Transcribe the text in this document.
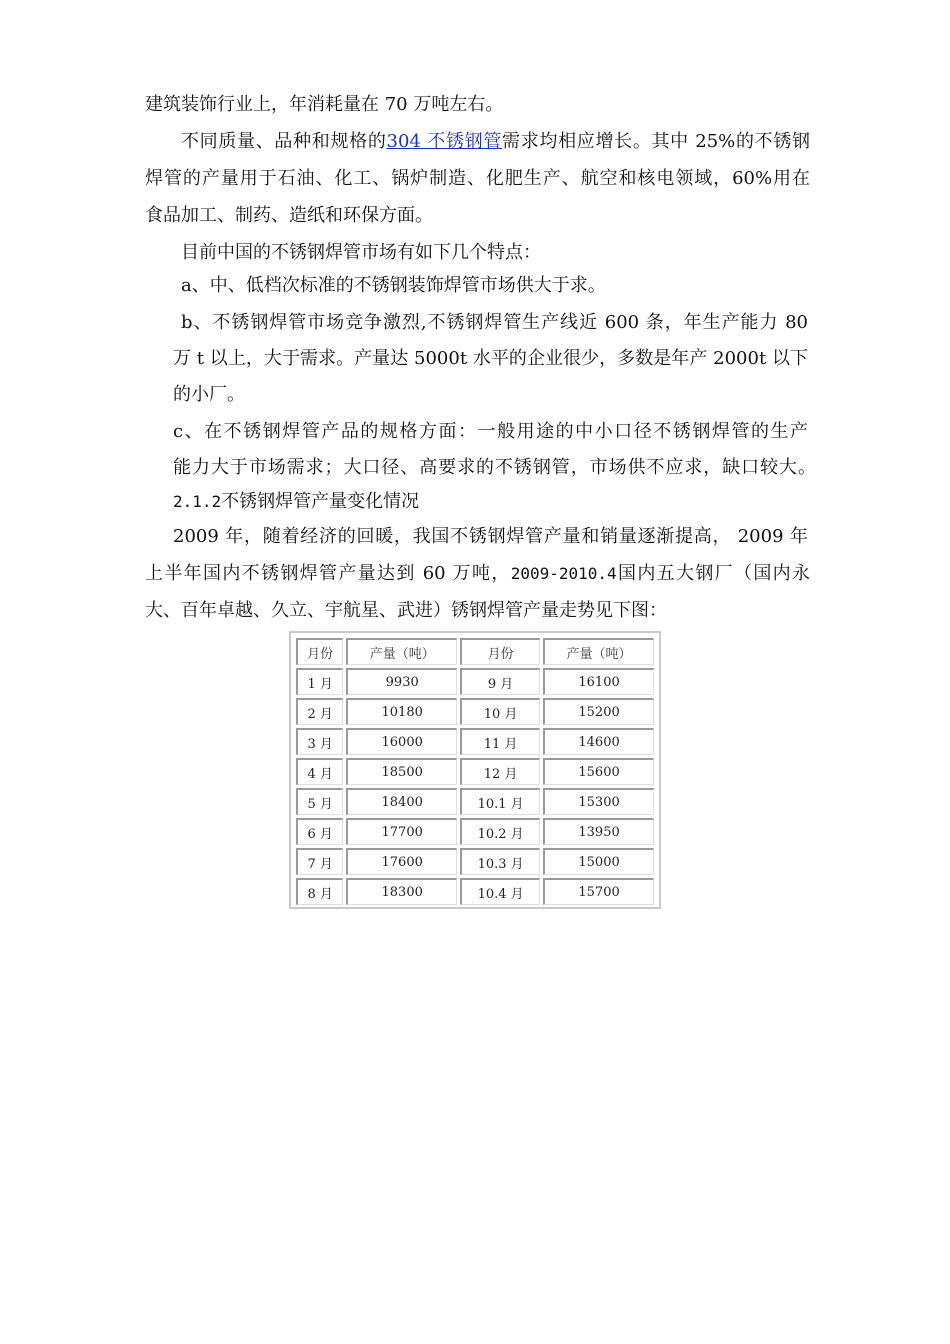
建筑装饰行业上，年消耗量在 70 万吨左右。
不同质量、品种和规格的304 不锈钢管需求均相应增长。其中 25%的不锈钢
焊管的产量用于石油、化工、锅炉制造、化肥生产、航空和核电领域，60%用在
食品加工、制药、造纸和环保方面。
目前中国的不锈钢焊管市场有如下几个特点：
a、中、低档次标准的不锈钢装饰焊管市场供大于求。
b、不锈钢焊管市场竞争激烈,不锈钢焊管生产线近 600 条，年生产能力 80
万 t 以上，大于需求。产量达 5000t 水平的企业很少，多数是年产 2000t 以下
的小厂。
c、在不锈钢焊管产品的规格方面：一般用途的中小口径不锈钢焊管的生产
能力大于市场需求；大口径、高要求的不锈钢管，市场供不应求，缺口较大。
2.1.2不锈钢焊管产量变化情况
2009 年，随着经济的回暖，我国不锈钢焊管产量和销量逐渐提高， 2009 年
上半年国内不锈钢焊管产量达到 60 万吨，2009-2010.4国内五大钢厂（国内永
大、百年卓越、久立、宇航星、武进）锈钢焊管产量走势见下图：
月份	产量（吨）	月份	产量（吨）
1 月	9930	9 月	16100
2 月	10180	10 月	15200
3 月	16000	11 月	14600
4 月	18500	12 月	15600
5 月	18400	10.1 月	15300
6 月	17700	10.2 月	13950
7 月	17600	10.3 月	15000
8 月	18300	10.4 月	15700
